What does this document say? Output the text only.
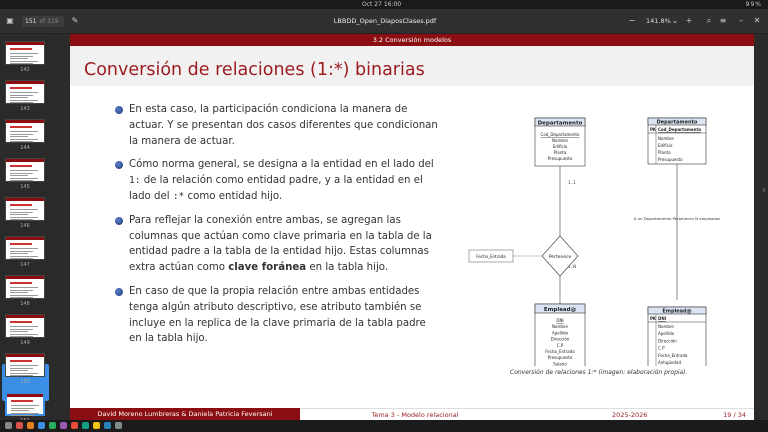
Oct 27 16:00	99%
▣	151 of 319	✎	LBBDD_Open_DiaposClases.pdf	− 141.8% ⌄ +	⌕	≡	–	✕
142
143
144
145
146
147
148
149
150
3.2 Conversión modelos
Conversión de relaciones (1:*) binarias
En esta caso, la participación condiciona la manera de actuar. Y se presentan dos casos diferentes que condicionan la manera de actuar.
Cómo norma general, se designa a la entidad en el lado del 1: de la relación como entidad padre, y a la entidad en el lado del :* como entidad hijo.
Para reflejar la conexión entre ambas, se agregan las columnas que actúan como clave primaria en la tabla de la entidad padre a la tabla de la entidad hijo. Estas columnas extra actúan como clave foránea en la tabla hijo.
En caso de que la propia relación entre ambas entidades tenga algún atributo descriptivo, ese atributo también se incluye en la replica de la clave primaria de la tabla padre en la tabla hijo.
Departamento
Cod_Departamento
Nombre
Edificio
Planta
Presupuesto
1..1
1..N
Pertenece
Fecha_Entrada
Emplead@
DNI
Nombre
Apellido
Dirección
C.P
Fecha_Entrada
Presupuesto
Salario
Departamento
PK Cod_Departamento
Nombre
Edificio
Planta
Presupuesto
A un Departamento Pertenecen N empleados
Emplead@
PK DNI
Nombre
Apellido
Dirección
C.P
Fecha_Entrada
Antigüedad
Conversión de relaciones 1:* (imagen: elaboración propia).
David Moreno Lumbreras & Daniela Patricia Feversani	Tema 3 - Modelo relacional	2025-2026	19 / 34
›
